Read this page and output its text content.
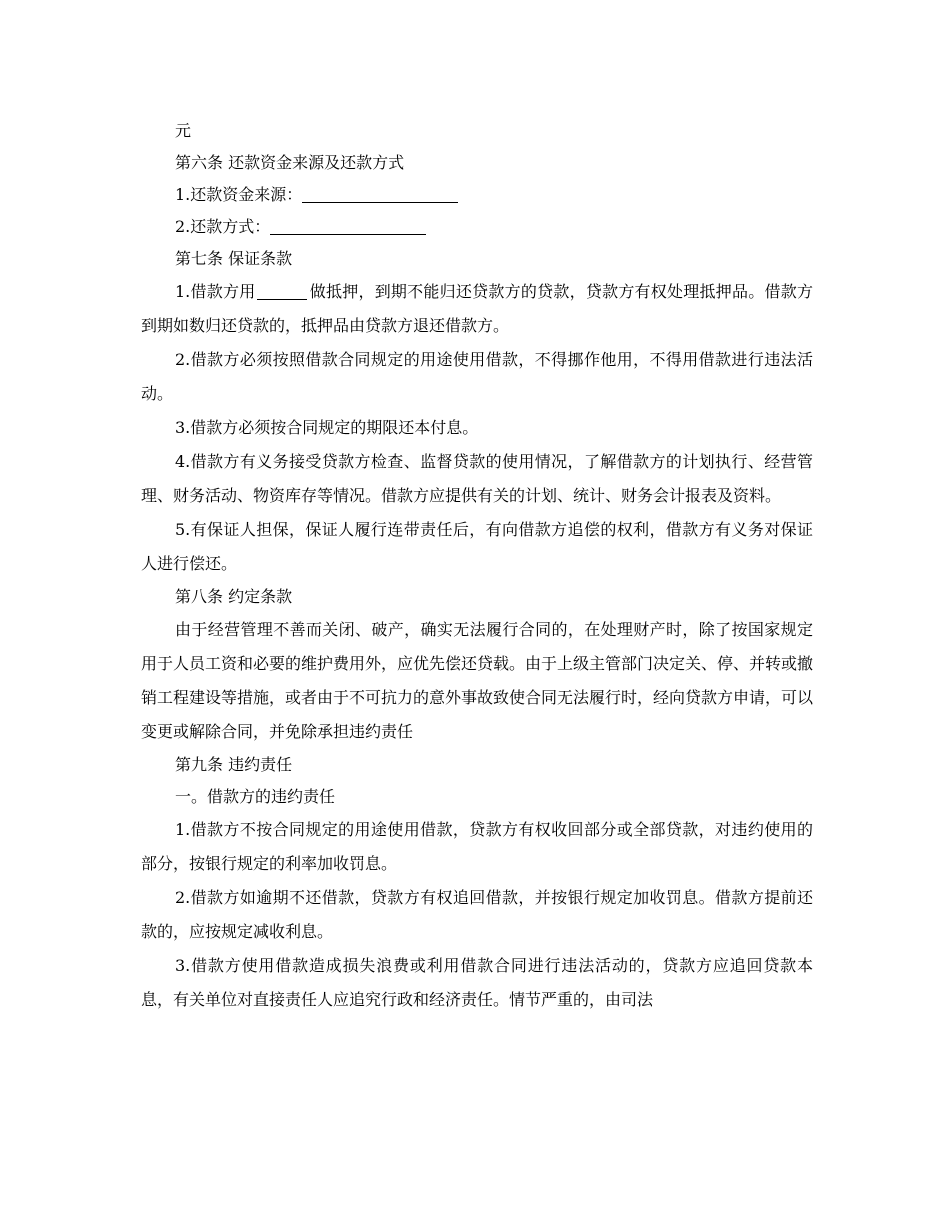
元
第六条 还款资金来源及还款方式
1.还款资金来源：
2.还款方式：
第七条 保证条款
1.借款方用	做抵押，到期不能归还贷款方的贷款，贷款方有权处理抵押品。借款方到期如数归还贷款的，抵押品由贷款方退还借款方。
2.借款方必须按照借款合同规定的用途使用借款，不得挪作他用，不得用借款进行违法活动。
3.借款方必须按合同规定的期限还本付息。
4.借款方有义务接受贷款方检查、监督贷款的使用情况，了解借款方的计划执行、经营管理、财务活动、物资库存等情况。借款方应提供有关的计划、统计、财务会计报表及资料。
5.有保证人担保，保证人履行连带责任后，有向借款方追偿的权利，借款方有义务对保证人进行偿还。
第八条 约定条款
由于经营管理不善而关闭、破产，确实无法履行合同的，在处理财产时，除了按国家规定用于人员工资和必要的维护费用外，应优先偿还贷载。由于上级主管部门决定关、停、并转或撤销工程建设等措施，或者由于不可抗力的意外事故致使合同无法履行时，经向贷款方申请，可以变更或解除合同，并免除承担违约责任
第九条 违约责任
一。借款方的违约责任
1.借款方不按合同规定的用途使用借款，贷款方有权收回部分或全部贷款，对违约使用的部分，按银行规定的利率加收罚息。
2.借款方如逾期不还借款，贷款方有权追回借款，并按银行规定加收罚息。借款方提前还款的，应按规定减收利息。
3.借款方使用借款造成损失浪费或利用借款合同进行违法活动的，贷款方应追回贷款本息，有关单位对直接责任人应追究行政和经济责任。情节严重的，由司法
